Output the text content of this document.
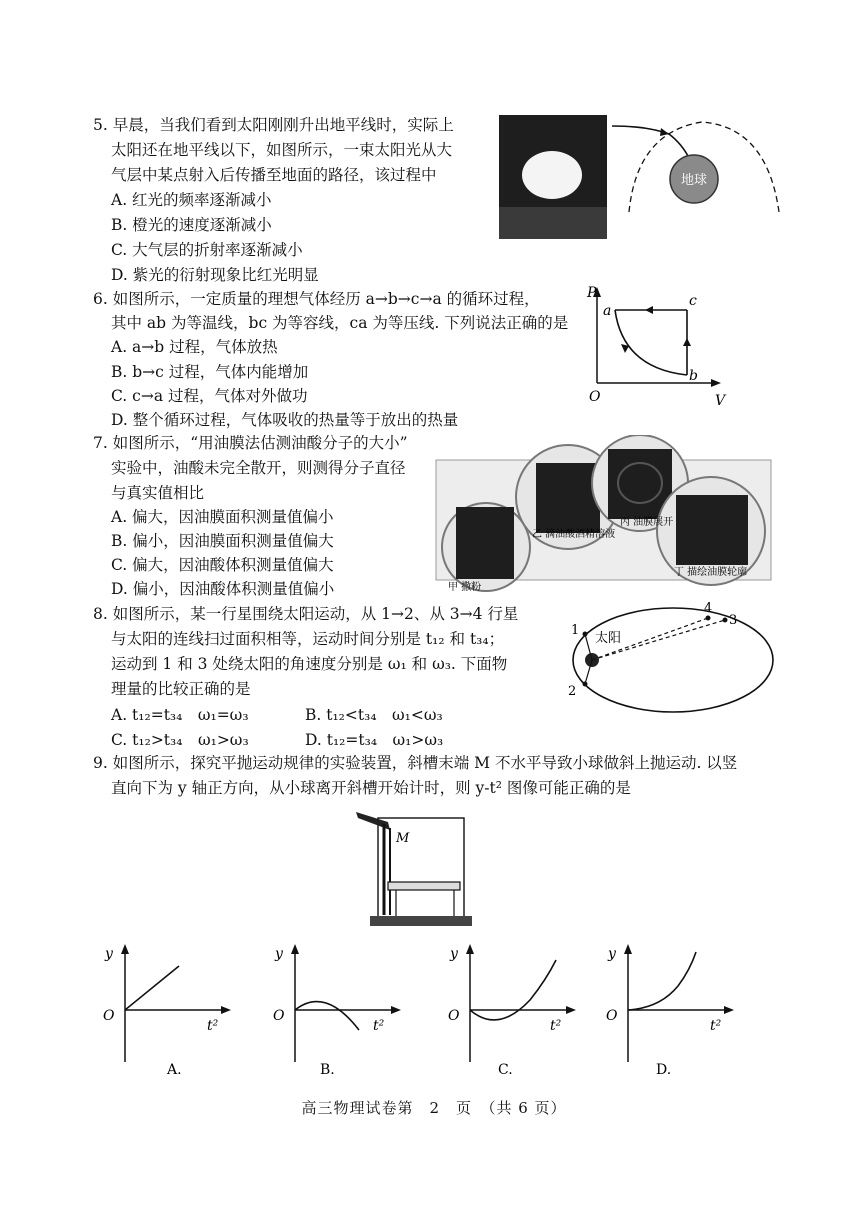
5. 早晨，当我们看到太阳刚刚升出地平线时，实际上
太阳还在地平线以下，如图所示，一束太阳光从大
气层中某点射入后传播至地面的路径，该过程中
A. 红光的频率逐渐减小
B. 橙光的速度逐渐减小
C. 大气层的折射率逐渐减小
D. 紫光的衍射现象比红光明显
地球
6. 如图所示，一定质量的理想气体经历 a→b→c→a 的循环过程，
其中 ab 为等温线，bc 为等容线，ca 为等压线. 下列说法正确的是
A. a→b 过程，气体放热
B. b→c 过程，气体内能增加
C. c→a 过程，气体对外做功
D. 整个循环过程，气体吸收的热量等于放出的热量
P
V
O
a
c
b
7. 如图所示，“用油膜法估测油酸分子的大小”
实验中，油酸未完全散开，则测得分子直径
与真实值相比
A. 偏大，因油膜面积测量值偏小
B. 偏小，因油膜面积测量值偏大
C. 偏大，因油酸体积测量值偏大
D. 偏小，因油酸体积测量值偏小	甲 撒粉
乙 滴油酸酒精溶液
丙 油膜展开
丁 描绘油膜轮廓
8. 如图所示，某一行星围绕太阳运动，从 1→2、从 3→4 行星
与太阳的连线扫过面积相等，运动时间分别是 t₁₂ 和 t₃₄；
运动到 1 和 3 处绕太阳的角速度分别是 ω₁ 和 ω₃. 下面物
理量的比较正确的是
A. t₁₂=t₃₄　ω₁=ω₃	B. t₁₂<t₃₄　ω₁<ω₃
C. t₁₂>t₃₄　ω₁>ω₃	D. t₁₂=t₃₄　ω₁>ω₃
1
2
3
4
太阳
9. 如图所示，探究平抛运动规律的实验装置，斜槽末端 M 不水平导致小球做斜上抛运动. 以竖
直向下为 y 轴正方向，从小球离开斜槽开始计时，则 y-t² 图像可能正确的是
M
y
O
t²
A.
y
O
t²
B.
y
O
t²
C.
y
O
t²
D.
高三物理试卷第　2　页　（共 6 页）
